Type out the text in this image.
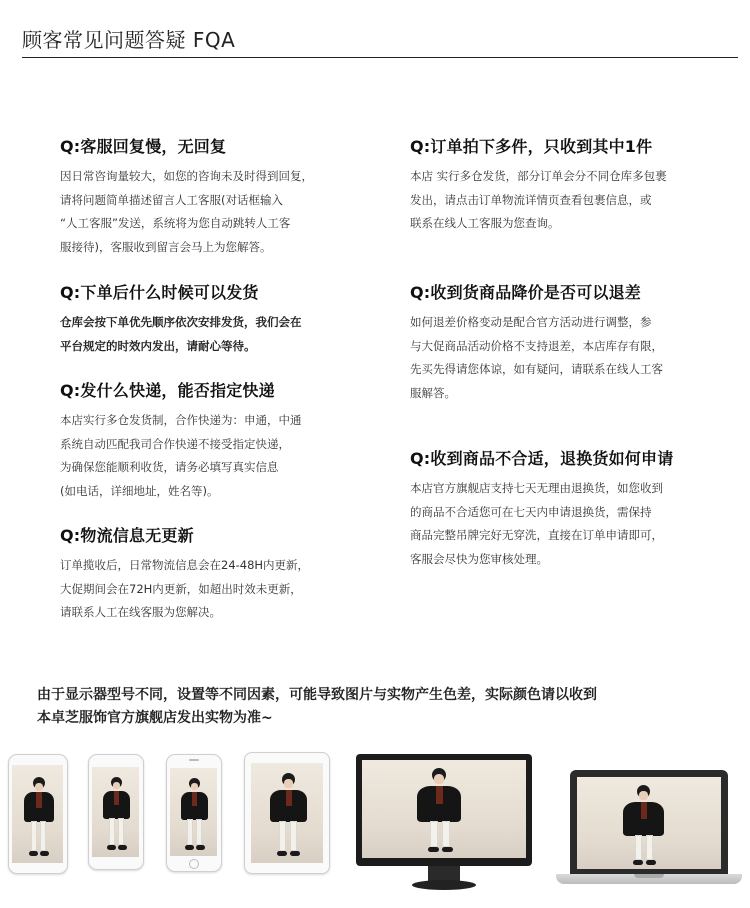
顾客常见问题答疑 FQA
Q:客服回复慢，无回复
因日常咨询量较大，如您的咨询未及时得到回复，
请将问题简单描述留言人工客服(对话框输入
“人工客服”发送，系统将为您自动跳转人工客
服接待)，客服收到留言会马上为您解答。
Q:下单后什么时候可以发货
仓库会按下单优先顺序依次安排发货，我们会在
平台规定的时效内发出，请耐心等待。
Q:发什么快递，能否指定快递
本店实行多仓发货制，合作快递为：申通，中通
系统自动匹配我司合作快递不接受指定快递，
为确保您能顺利收货，请务必填写真实信息
(如电话，详细地址，姓名等)。
Q:物流信息无更新
订单揽收后，日常物流信息会在24-48H内更新，
大促期间会在72H内更新，如超出时效未更新，
请联系人工在线客服为您解决。
Q:订单拍下多件，只收到其中1件
本店 实行多仓发货，部分订单会分不同仓库多包裹
发出，请点击订单物流详情页查看包裹信息，或
联系在线人工客服为您查询。
Q:收到货商品降价是否可以退差
如何退差价格变动是配合官方活动进行调整，参
与大促商品活动价格不支持退差，本店库存有限，
先买先得请您体谅，如有疑问，请联系在线人工客
服解答。
Q:收到商品不合适，退换货如何申请
本店官方旗舰店支持七天无理由退换货，如您收到
的商品不合适您可在七天内申请退换货，需保持
商品完整吊牌完好无穿洗，直接在订单申请即可，
客服会尽快为您审核处理。
由于显示器型号不同，设置等不同因素，可能导致图片与实物产生色差，实际颜色请以收到
本卓芝服饰官方旗舰店发出实物为准~
